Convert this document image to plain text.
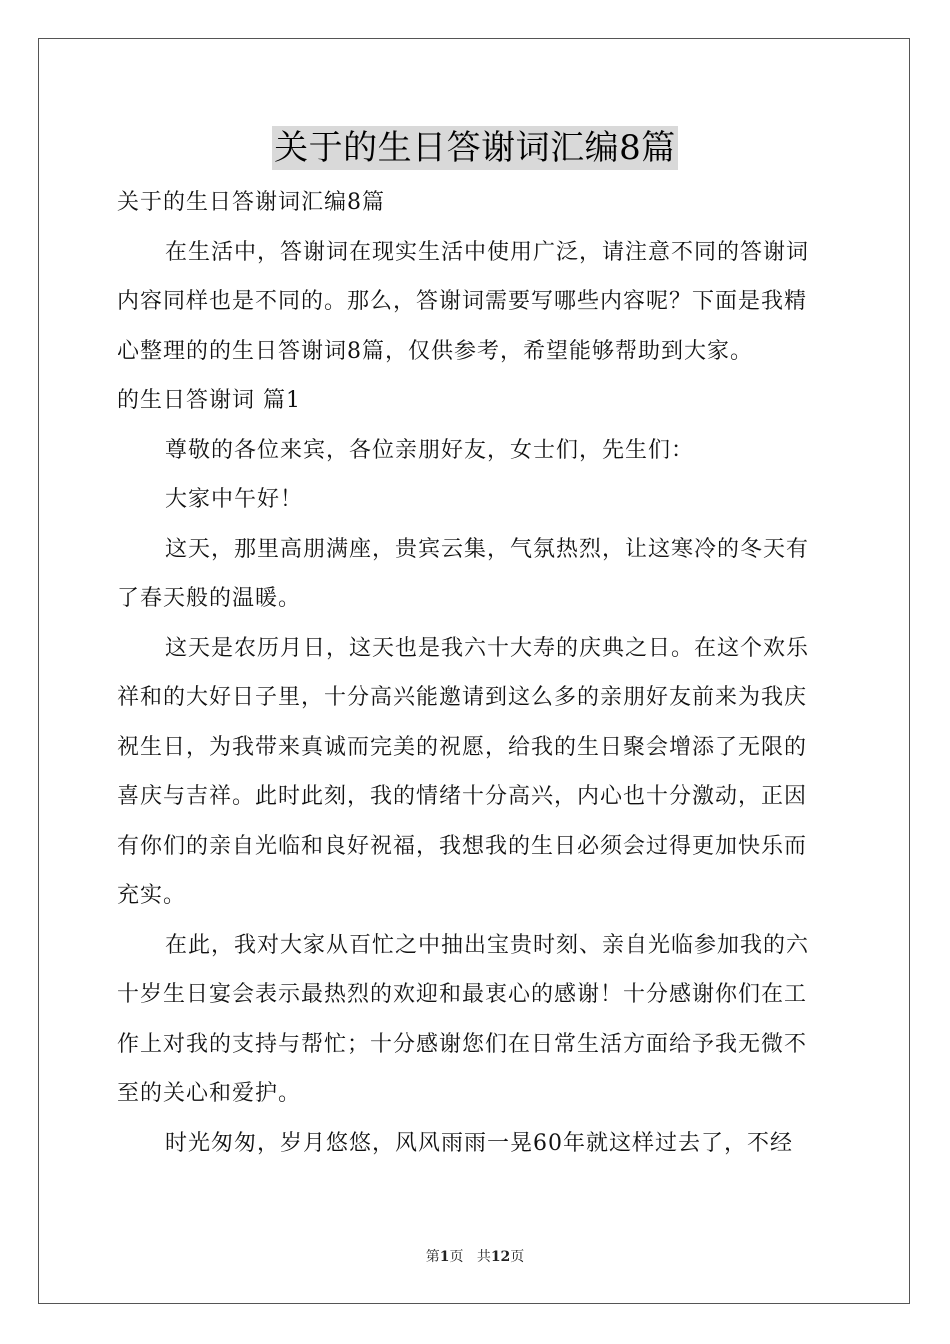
关于的生日答谢词汇编8篇
关于的生日答谢词汇编8篇
在生活中，答谢词在现实生活中使用广泛，请注意不同的答谢词
内容同样也是不同的。那么，答谢词需要写哪些内容呢？下面是我精
心整理的的生日答谢词8篇，仅供参考，希望能够帮助到大家。
的生日答谢词 篇1
尊敬的各位来宾，各位亲朋好友，女士们，先生们：
大家中午好！
这天，那里高朋满座，贵宾云集，气氛热烈，让这寒冷的冬天有
了春天般的温暖。
这天是农历月日，这天也是我六十大寿的庆典之日。在这个欢乐
祥和的大好日子里，十分高兴能邀请到这么多的亲朋好友前来为我庆
祝生日，为我带来真诚而完美的祝愿，给我的生日聚会增添了无限的
喜庆与吉祥。此时此刻，我的情绪十分高兴，内心也十分激动，正因
有你们的亲自光临和良好祝福，我想我的生日必须会过得更加快乐而
充实。
在此，我对大家从百忙之中抽出宝贵时刻、亲自光临参加我的六
十岁生日宴会表示最热烈的欢迎和最衷心的感谢！十分感谢你们在工
作上对我的支持与帮忙；十分感谢您们在日常生活方面给予我无微不
至的关心和爱护。
时光匆匆，岁月悠悠，风风雨雨一晃60年就这样过去了，不经
第1页 共12页
